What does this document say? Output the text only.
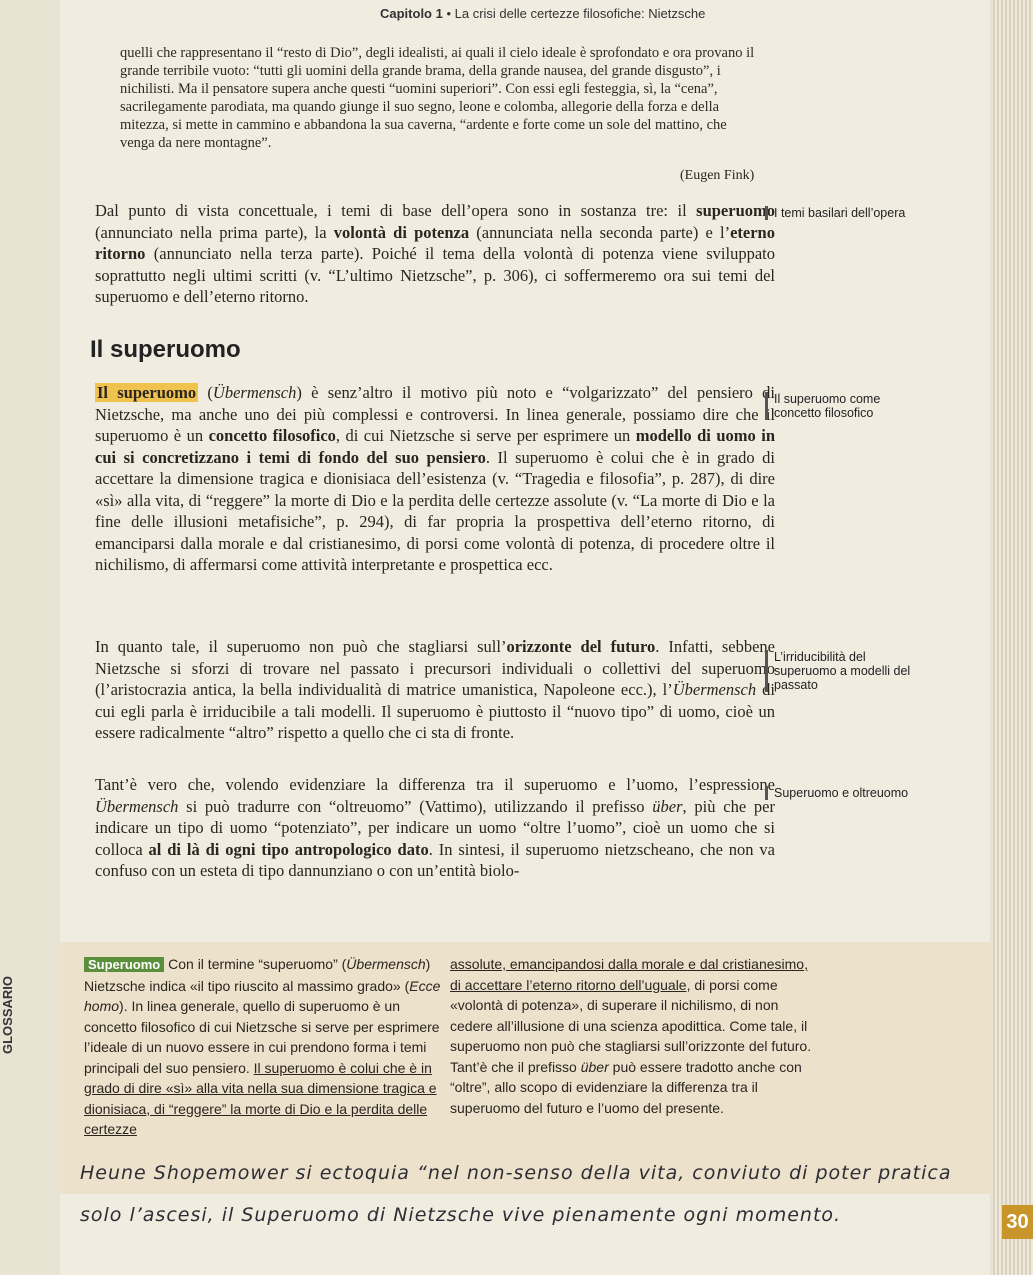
Capitolo 1 • La crisi delle certezze filosofiche: Nietzsche
quelli che rappresentano il “resto di Dio”, degli idealisti, ai quali il cielo ideale è sprofondato e ora provano il grande terribile vuoto: “tutti gli uomini della grande brama, della grande nausea, del grande disgusto”, i nichilisti. Ma il pensatore supera anche questi “uomini superiori”. Con essi egli festeggia, sì, la “cena”, sacrilegamente parodiata, ma quando giunge il suo segno, leone e colomba, allegorie della forza e della mitezza, si mette in cammino e abbandona la sua caverna, “ardente e forte come un sole del mattino, che venga da nere montagne”.
(Eugen Fink)
Dal punto di vista concettuale, i temi di base dell’opera sono in sostanza tre: il superuomo (annunciato nella prima parte), la volontà di potenza (annunciata nella seconda parte) e l’eterno ritorno (annunciato nella terza parte). Poiché il tema della volontà di potenza viene sviluppato soprattutto negli ultimi scritti (v. “L’ultimo Nietzsche”, p. 306), ci soffermeremo ora sui temi del superuomo e dell’eterno ritorno.
I temi basilari dell’opera
Il superuomo
Il superuomo (Übermensch) è senz’altro il motivo più noto e “volgarizzato” del pensiero di Nietzsche, ma anche uno dei più complessi e controversi. In linea generale, possiamo dire che il superuomo è un concetto filosofico, di cui Nietzsche si serve per esprimere un modello di uomo in cui si concretizzano i temi di fondo del suo pensiero. Il superuomo è colui che è in grado di accettare la dimensione tragica e dionisiaca dell’esistenza (v. “Tragedia e filosofia”, p. 287), di dire «sì» alla vita, di “reggere” la morte di Dio e la perdita delle certezze assolute (v. “La morte di Dio e la fine delle illusioni metafisiche”, p. 294), di far propria la prospettiva dell’eterno ritorno, di emanciparsi dalla morale e dal cristianesimo, di porsi come volontà di potenza, di procedere oltre il nichilismo, di affermarsi come attività interpretante e prospettica ecc.
Il superuomo come concetto filosofico
In quanto tale, il superuomo non può che stagliarsi sull’orizzonte del futuro. Infatti, sebbene Nietzsche si sforzi di trovare nel passato i precursori individuali o collettivi del superuomo (l’aristocrazia antica, la bella individualità di matrice umanistica, Napoleone ecc.), l’Übermensch di cui egli parla è irriducibile a tali modelli. Il superuomo è piuttosto il “nuovo tipo” di uomo, cioè un essere radicalmente “altro” rispetto a quello che ci sta di fronte.
L’irriducibilità del superuomo a modelli del passato
Tant’è vero che, volendo evidenziare la differenza tra il superuomo e l’uomo, l’espressione Übermensch si può tradurre con “oltreuomo” (Vattimo), utilizzando il prefisso über, più che per indicare un tipo di uomo “potenziato”, per indicare un uomo “oltre l’uomo”, cioè un uomo che si colloca al di là di ogni tipo antropologico dato. In sintesi, il superuomo nietzscheano, che non va confuso con un esteta di tipo dannunziano o con un’entità biolo-
Superuomo e oltreuomo
GLOSSARIO
Superuomo Con il termine “superuomo” (Übermensch) Nietzsche indica «il tipo riuscito al massimo grado» (Ecce homo). In linea generale, quello di superuomo è un concetto filosofico di cui Nietzsche si serve per esprimere l’ideale di un nuovo essere in cui prendono forma i temi principali del suo pensiero. Il superuomo è colui che è in grado di dire «sì» alla vita nella sua dimensione tragica e dionisiaca, di “reggere” la morte di Dio e la perdita delle certezze
assolute, emancipandosi dalla morale e dal cristianesimo, di accettare l’eterno ritorno dell’uguale, di porsi come «volontà di potenza», di superare il nichilismo, di non cedere all’illusione di una scienza apodittica. Come tale, il superuomo non può che stagliarsi sull’orizzonte del futuro. Tant’è che il prefisso über può essere tradotto anche con “oltre”, allo scopo di evidenziare la differenza tra il superuomo del futuro e l’uomo del presente.
Heune Shopemower si ectoquia “nel non-senso della vita, conviuto di poter pratica
solo l’ascesi, il Superuomo di Nietzsche vive pienamente ogni momento.	30
